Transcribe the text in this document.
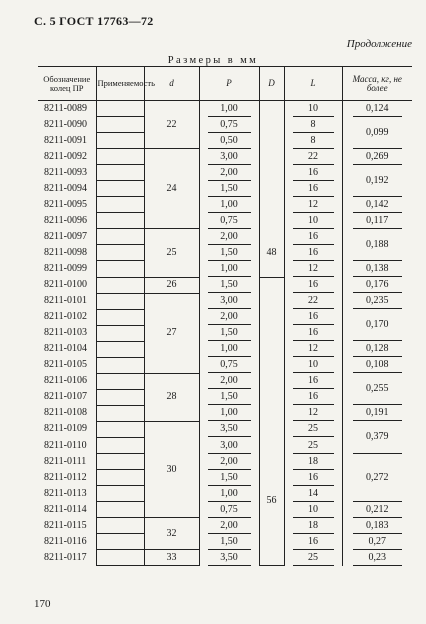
С. 5 ГОСТ 17763—72
Продолжение
Размеры в мм
Обозначение колец ПР	Применяемость	d	P	D	L	Масса, кг, не более
8211-0089		22	1,00		10	0,124
8211-0090			0,75		8	0,099
8211-0091			0,50		8	
8211-0092		24	3,00		22	0,269
8211-0093			2,00		16	0,192
8211-0094			1,50		16	
8211-0095			1,00		12	0,142
8211-0096			0,75		10	0,117
8211-0097		25	2,00	48	16	0,188
8211-0098			1,50		16	
8211-0099			1,00		12	0,138
8211-0100		26	1,50		16	0,176
8211-0101		27	3,00		22	0,235
8211-0102			2,00		16	0,170
8211-0103			1,50		16	
8211-0104			1,00		12	0,128
8211-0105			0,75		10	0,108
8211-0106		28	2,00		16	0,255
8211-0107			1,50		16	
8211-0108			1,00		12	0,191
8211-0109		30	3,50		25	0,379
8211-0110			3,00	56	25	
8211-0111			2,00		18	0,272
8211-0112			1,50		16	
8211-0113			1,00		14	
8211-0114			0,75		10	0,212
8211-0115		32	2,00		18	0,183
8211-0116			1,50		16	0,27
8211-0117		33	3,50		25	0,23
170
